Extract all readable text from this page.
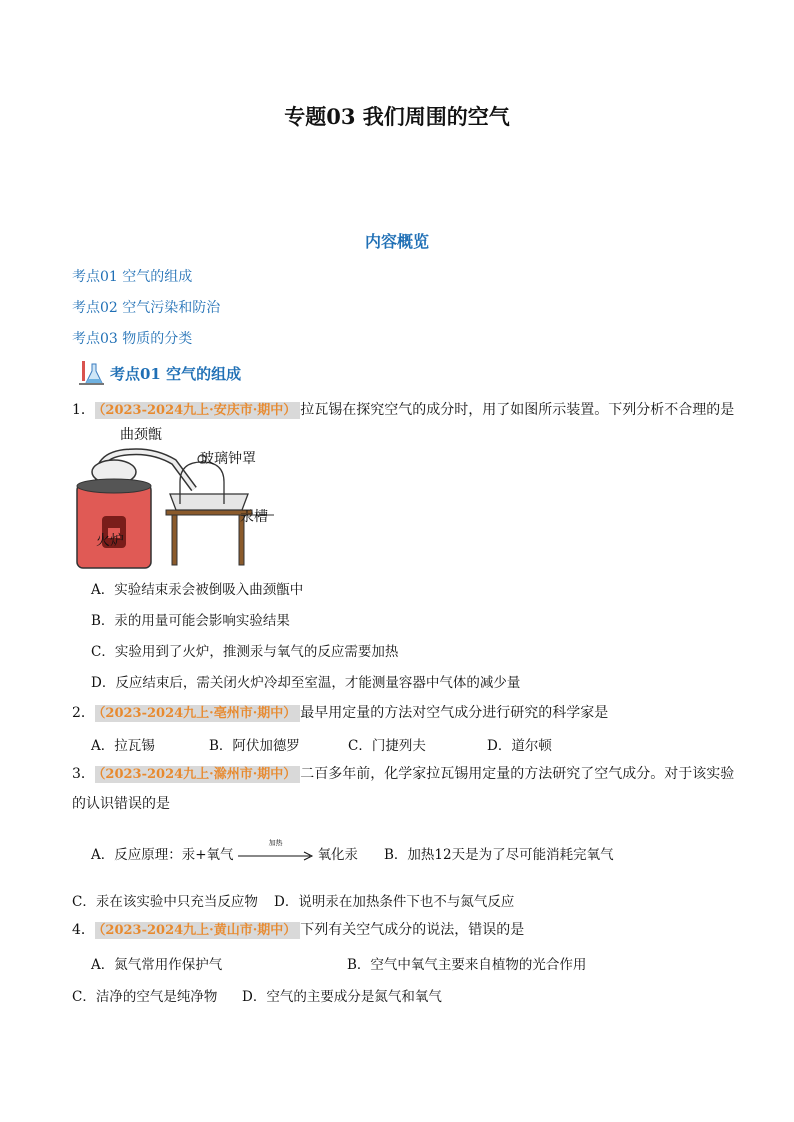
专题03 我们周围的空气
内容概览
考点01 空气的组成
考点02 空气污染和防治
考点03 物质的分类
考点01 空气的组成
1． （2023-2024九上·安庆市·期中） 拉瓦锡在探究空气的成分时，用了如图所示装置。下列分析不合理的是
曲颈甑
玻璃钟罩
汞槽
火炉
A．实验结束汞会被倒吸入曲颈甑中
B．汞的用量可能会影响实验结果
C．实验用到了火炉，推测汞与氧气的反应需要加热
D．反应结束后，需关闭火炉冷却至室温，才能测量容器中气体的减少量
2． （2023-2024九上·亳州市·期中） 最早用定量的方法对空气成分进行研究的科学家是
A．拉瓦锡	B．阿伏加德罗	C．门捷列夫	D．道尔顿
3． （2023-2024九上·滁州市·期中） 二百多年前，化学家拉瓦锡用定量的方法研究了空气成分。对于该实验
的认识错误的是
A．反应原理：汞+氧气
加热
氧化汞 B．加热12天是为了尽可能消耗完氧气
C．汞在该实验中只充当反应物 D．说明汞在加热条件下也不与氮气反应
4． （2023-2024九上·黄山市·期中） 下列有关空气成分的说法，错误的是
A．氮气常用作保护气	B．空气中氧气主要来自植物的光合作用
C．洁净的空气是纯净物 D．空气的主要成分是氮气和氧气
